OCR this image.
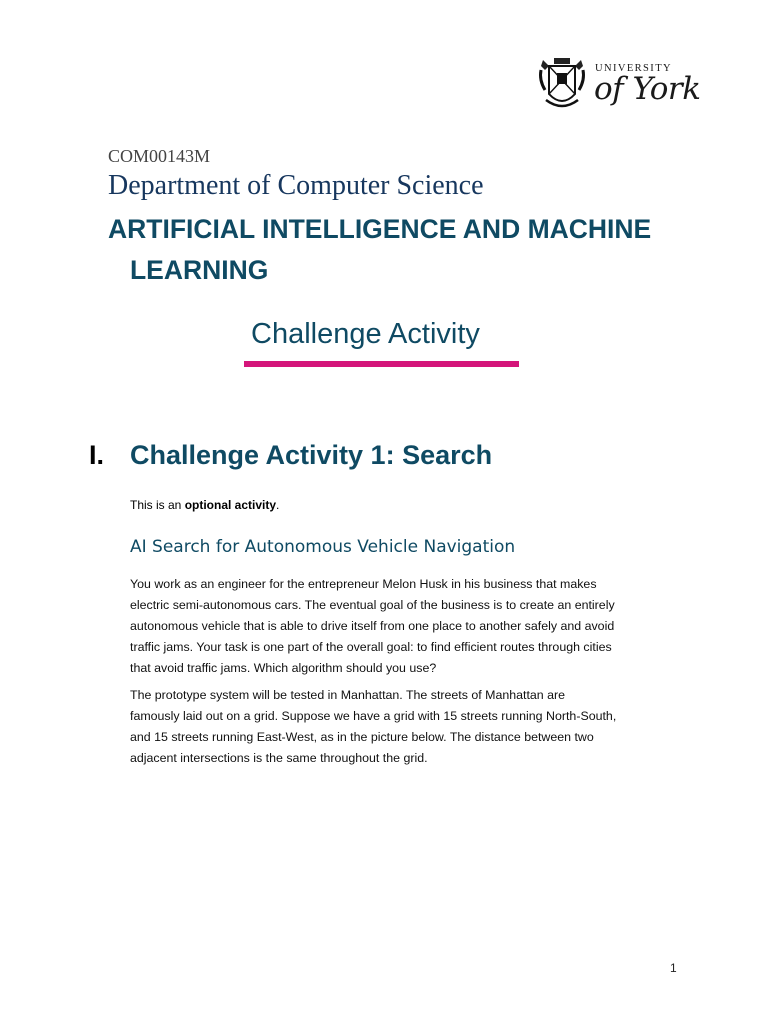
UNIVERSITY
of York
COM00143M
Department of Computer Science
ARTIFICIAL INTELLIGENCE AND MACHINE
LEARNING
Challenge Activity
I. Challenge Activity 1: Search
This is an optional activity.
AI Search for Autonomous Vehicle Navigation
You work as an engineer for the entrepreneur Melon Husk in his business that makes
electric semi-autonomous cars. The eventual goal of the business is to create an entirely
autonomous vehicle that is able to drive itself from one place to another safely and avoid
traffic jams. Your task is one part of the overall goal: to find efficient routes through cities
that avoid traffic jams. Which algorithm should you use?
The prototype system will be tested in Manhattan. The streets of Manhattan are
famously laid out on a grid. Suppose we have a grid with 15 streets running North-South,
and 15 streets running East-West, as in the picture below. The distance between two
adjacent intersections is the same throughout the grid.
1
